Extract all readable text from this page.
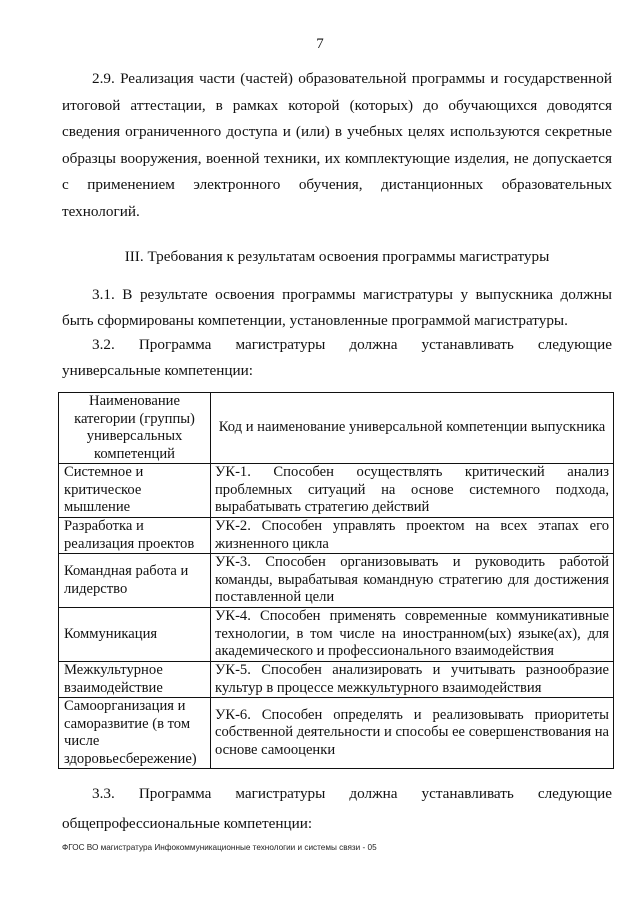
7

2.9. Реализация части (частей) образовательной программы и государственной итоговой аттестации, в рамках которой (которых) до обучающихся доводятся сведения ограниченного доступа и (или) в учебных целях используются секретные образцы вооружения, военной техники, их комплектующие изделия, не допускается с применением электронного обучения, дистанционных образовательных технологий.

III. Требования к результатам освоения программы магистратуры

3.1. В результате освоения программы магистратуры у выпускника должны быть сформированы компетенции, установленные программой магистратуры.

3.2. Программа магистратуры должна устанавливать следующие универсальные компетенции:

Наименование категории (группы) универсальных компетенций	Код и наименование универсальной компетенции выпускника
Системное и критическое мышление	УК-1. Способен осуществлять критический анализ проблемных ситуаций на основе системного подхода, вырабатывать стратегию действий
Разработка и реализация проектов	УК-2. Способен управлять проектом на всех этапах его жизненного цикла
Командная работа и лидерство	УК-3. Способен организовывать и руководить работой команды, вырабатывая командную стратегию для достижения поставленной цели
Коммуникация	УК-4. Способен применять современные коммуникативные технологии, в том числе на иностранном(ых) языке(ах), для академического и профессионального взаимодействия
Межкультурное взаимодействие	УК-5. Способен анализировать и учитывать разнообразие культур в процессе межкультурного взаимодействия
Самоорганизация и саморазвитие (в том числе здоровьесбережение)	УК-6. Способен определять и реализовывать приоритеты собственной деятельности и способы ее совершенствования на основе самооценки
3.3. Программа магистратуры должна устанавливать следующие
общепрофессиональные компетенции:
ФГОС ВО магистратура Инфокоммуникационные технологии и системы связи - 05
